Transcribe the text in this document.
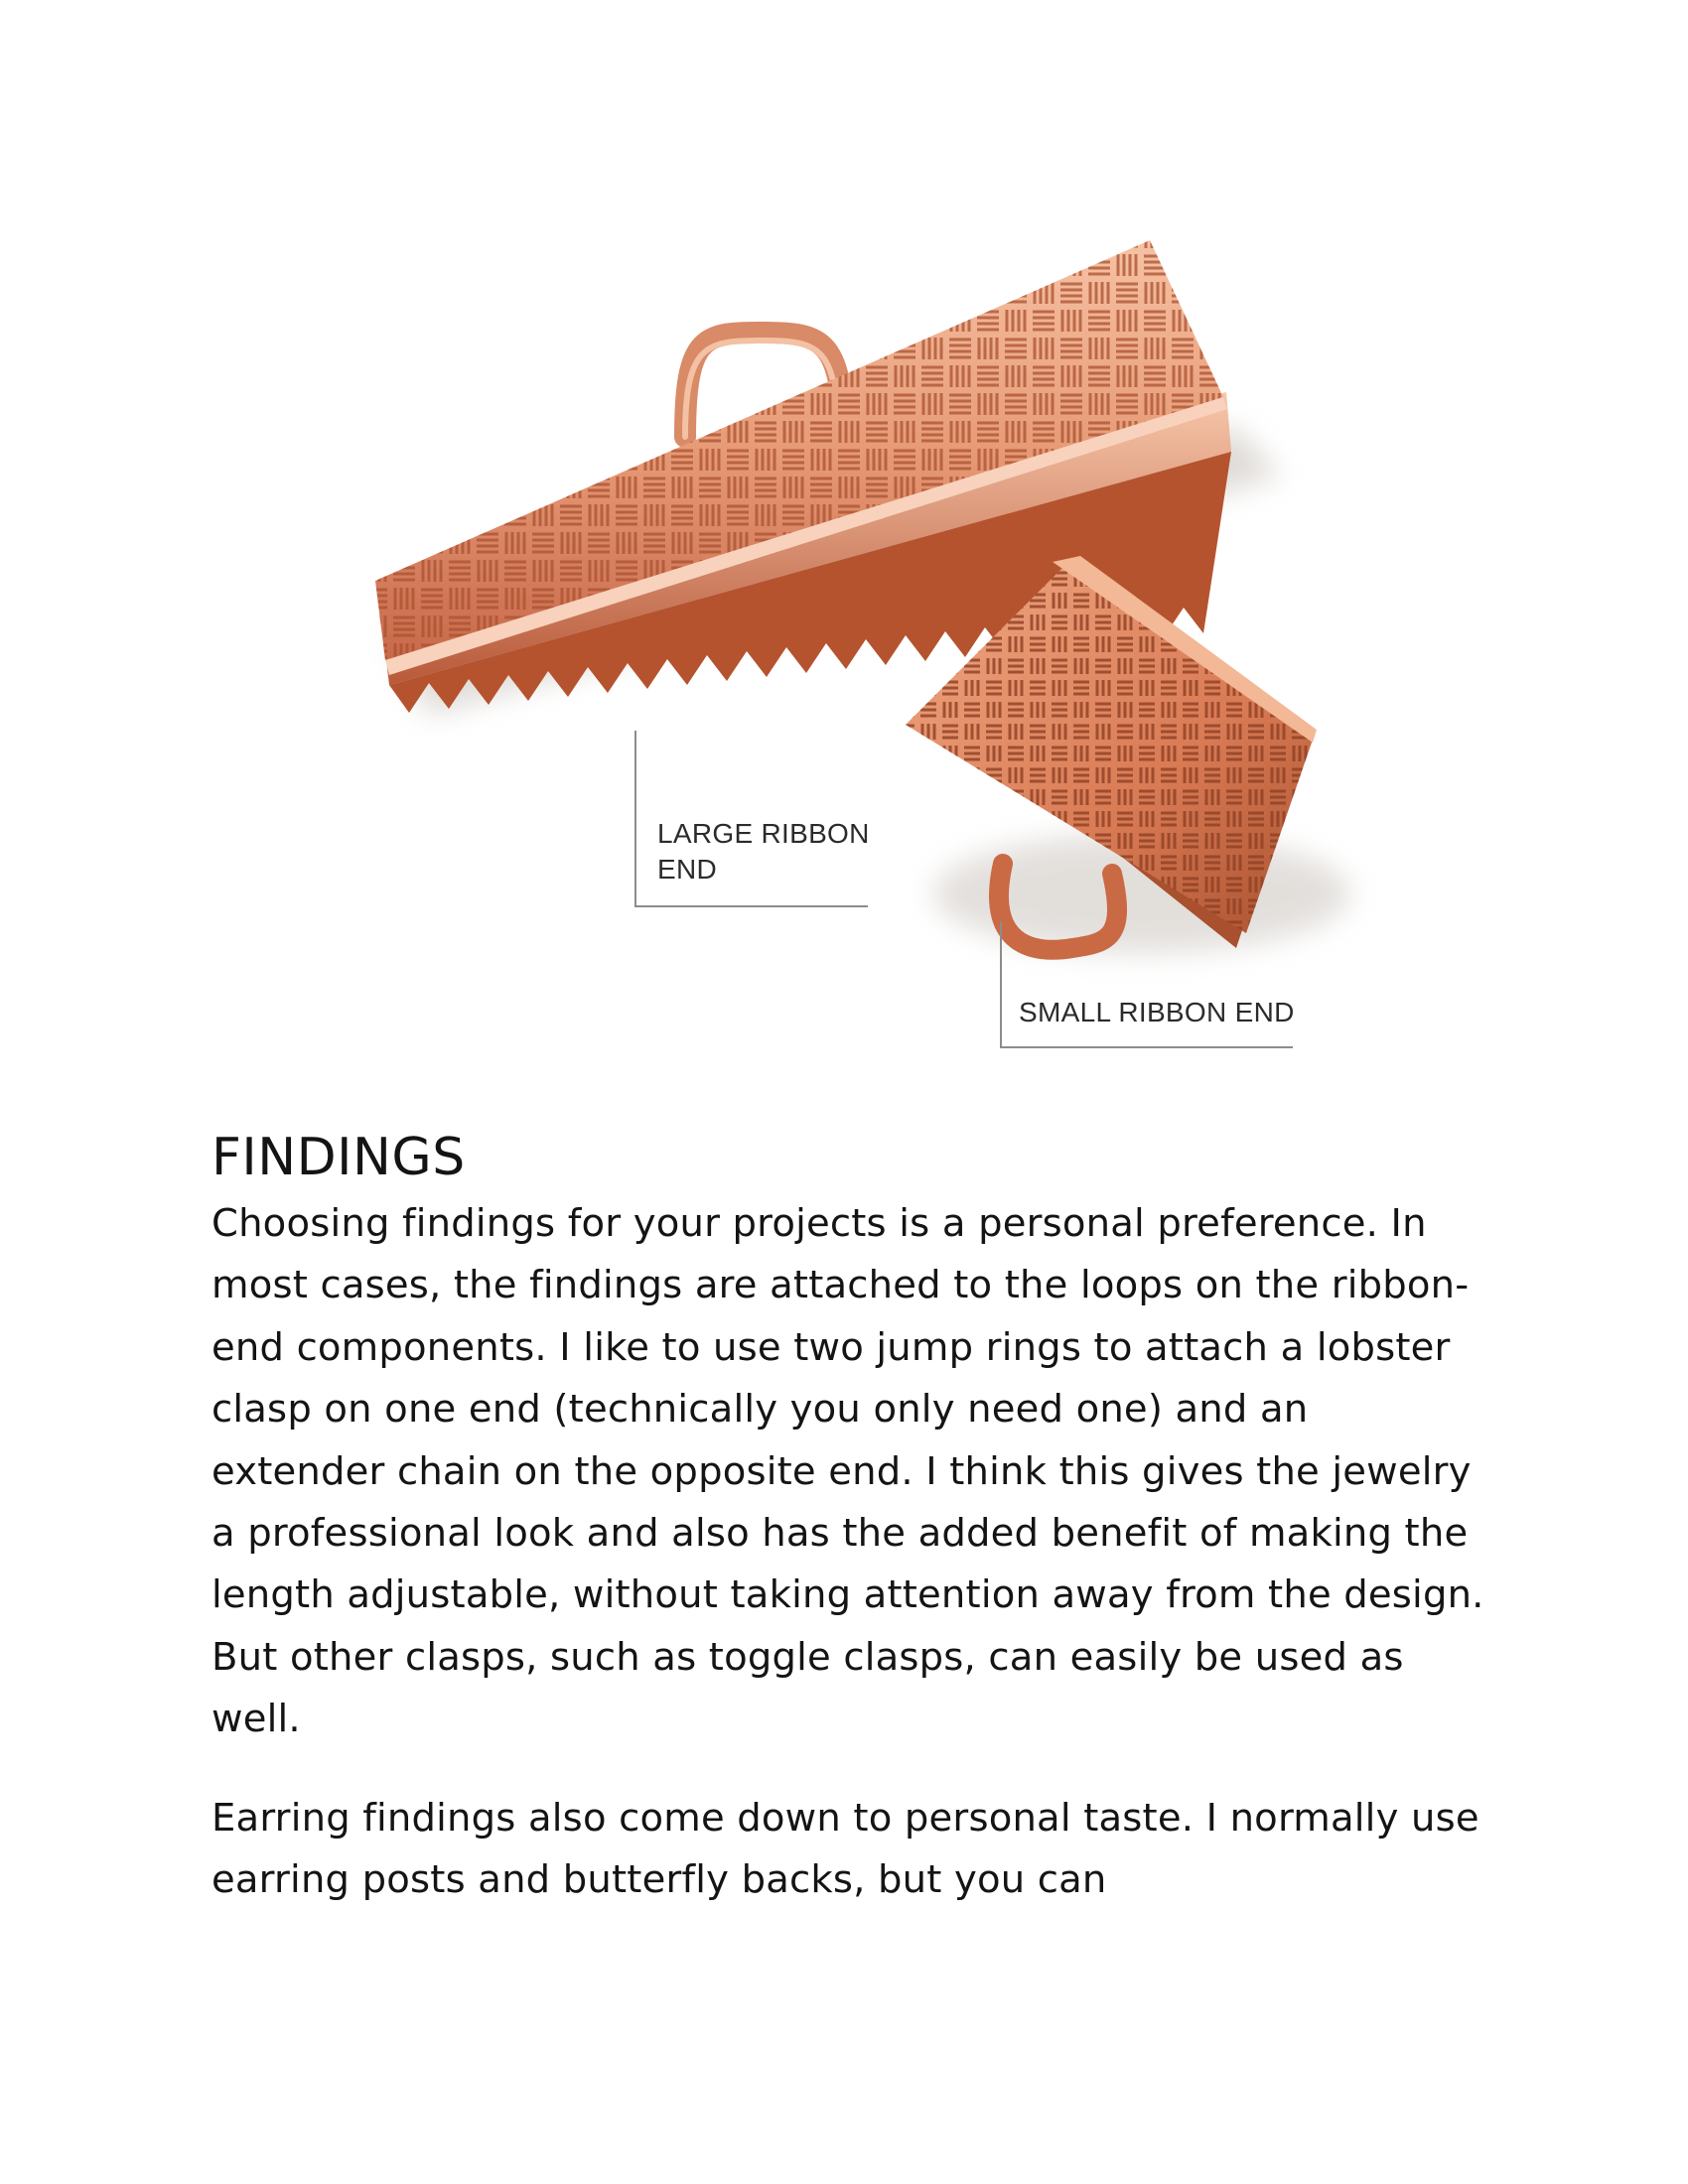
LARGE RIBBON
END
SMALL RIBBON END
FINDINGS

Choosing findings for your projects is a personal preference. In most cases, the findings are attached to the loops on the ribbon-end components. I like to use two jump rings to attach a lobster clasp on one end (technically you only need one) and an extender chain on the opposite end. I think this gives the jewelry a professional look and also has the added benefit of making the length adjustable, without taking attention away from the design. But other clasps, such as toggle clasps, can easily be used as well.

Earring findings also come down to personal taste. I normally use earring posts and butterfly backs, but you can
